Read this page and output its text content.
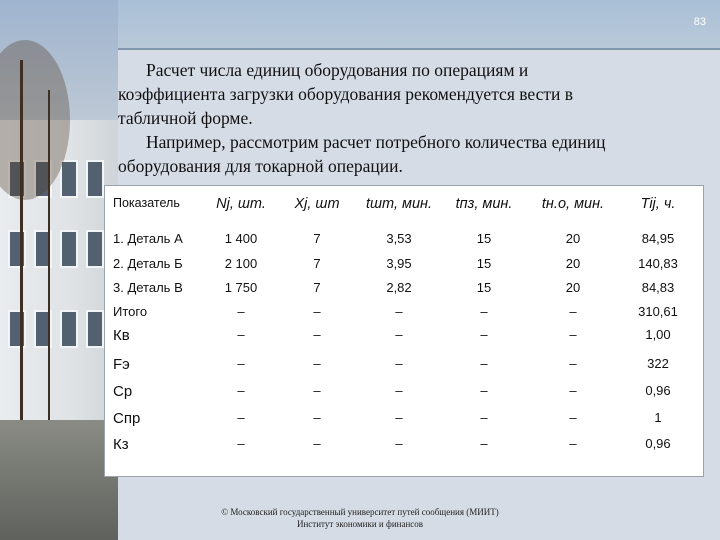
83
Расчет числа единиц оборудования по операциям и
коэффициента загрузки оборудования рекомендуется вести в
табличной форме.
Например, рассмотрим расчет потребного количества единиц
оборудования для токарной операции.
Показатель	Nj, шт.	Xj, шт	tшт, мин.	tпз, мин.	tн.о, мин.	Tij, ч.
1. Деталь А	1 400	7	3,53	15	20	84,95
2. Деталь Б	2 100	7	3,95	15	20	140,83
3. Деталь В	1 750	7	2,82	15	20	84,83
Итого	–	–	–	–	–	310,61
Кв	–	–	–	–	–	1,00
Fэ	–	–	–	–	–	322
Ср	–	–	–	–	–	0,96
Спр	–	–	–	–	–	1
Кз	–	–	–	–	–	0,96
© Московский государственный университет путей сообщения (МИИТ)
Институт экономики и финансов
